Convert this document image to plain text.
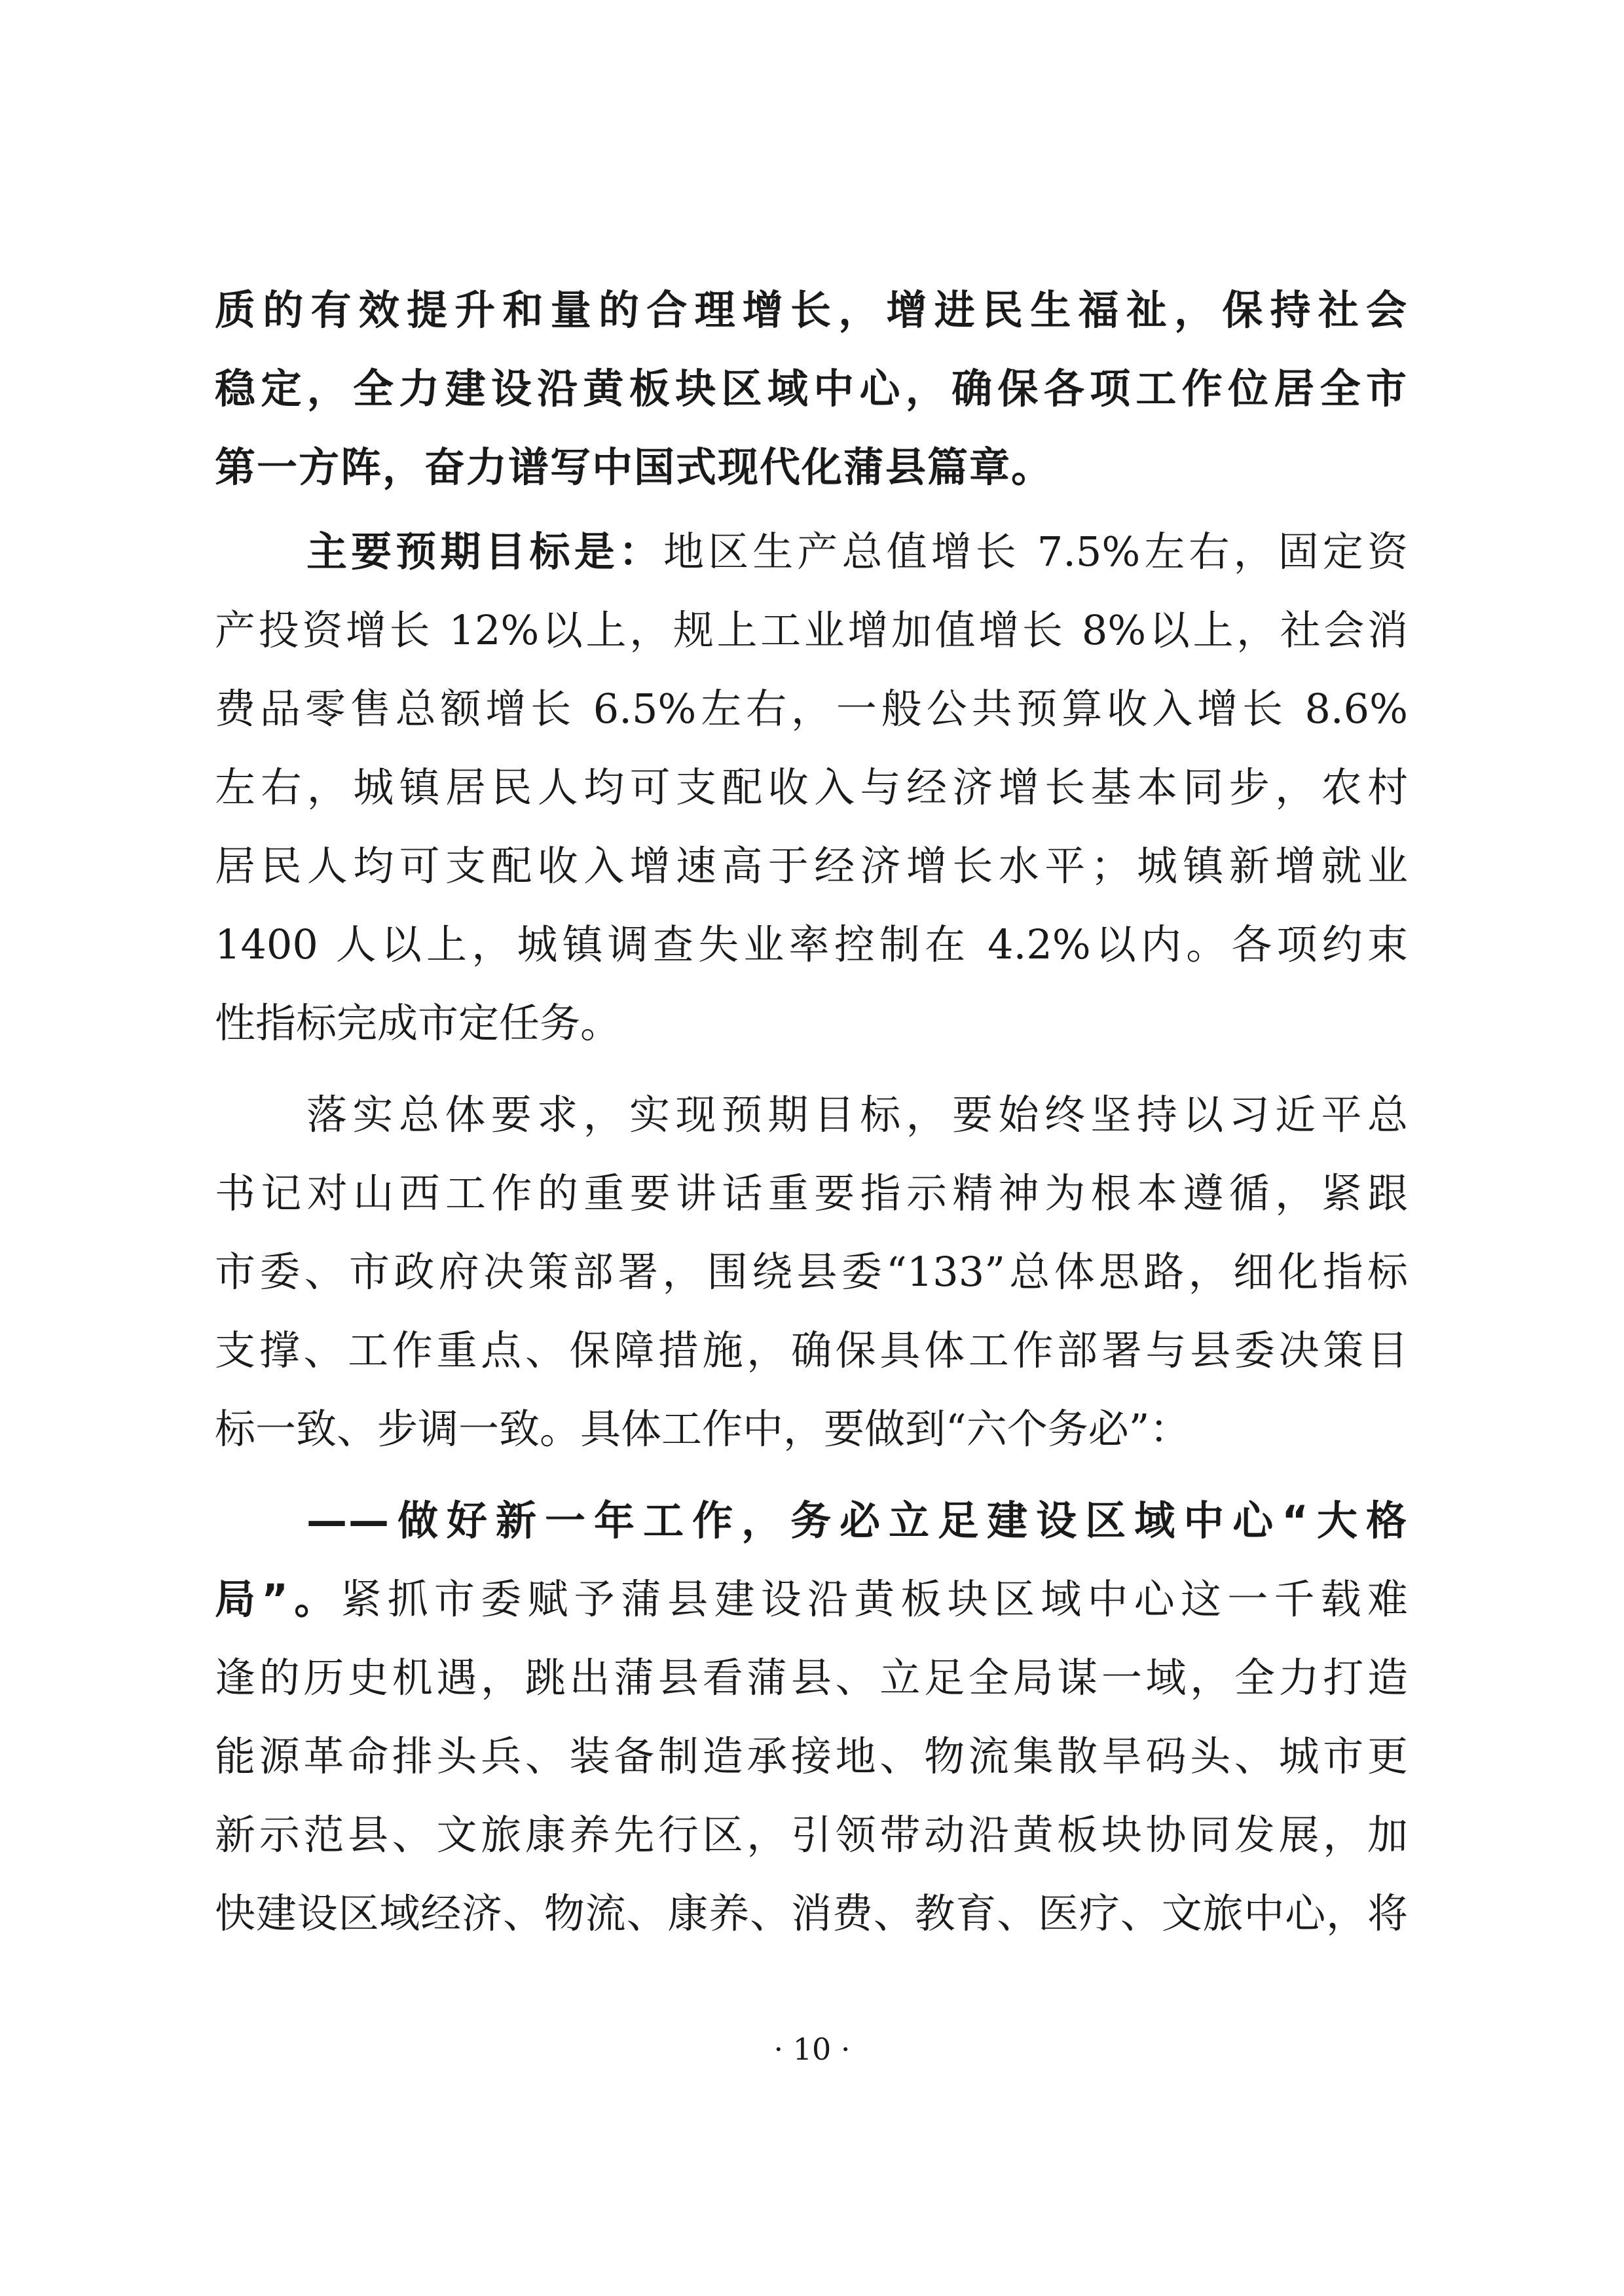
质的有效提升和量的合理增长，增进民生福祉，保持社会
稳定，全力建设沿黄板块区域中心，确保各项工作位居全市
第一方阵，奋力谱写中国式现代化蒲县篇章。
主要预期目标是：地区生产总值增长 7.5%左右，固定资
产投资增长 12%以上，规上工业增加值增长 8%以上，社会消
费品零售总额增长 6.5%左右，一般公共预算收入增长 8.6%
左右，城镇居民人均可支配收入与经济增长基本同步，农村
居民人均可支配收入增速高于经济增长水平；城镇新增就业
1400 人以上，城镇调查失业率控制在 4.2%以内。各项约束
性指标完成市定任务。
落实总体要求，实现预期目标，要始终坚持以习近平总
书记对山西工作的重要讲话重要指示精神为根本遵循，紧跟
市委、市政府决策部署，围绕县委“133”总体思路，细化指标
支撑、工作重点、保障措施，确保具体工作部署与县委决策目
标一致、步调一致。具体工作中，要做到“六个务必”：
——做好新一年工作，务必立足建设区域中心“大格
局”。紧抓市委赋予蒲县建设沿黄板块区域中心这一千载难
逢的历史机遇，跳出蒲县看蒲县、立足全局谋一域，全力打造
能源革命排头兵、装备制造承接地、物流集散旱码头、城市更
新示范县、文旅康养先行区，引领带动沿黄板块协同发展，加
快建设区域经济、物流、康养、消费、教育、医疗、文旅中心，将
· 10 ·
